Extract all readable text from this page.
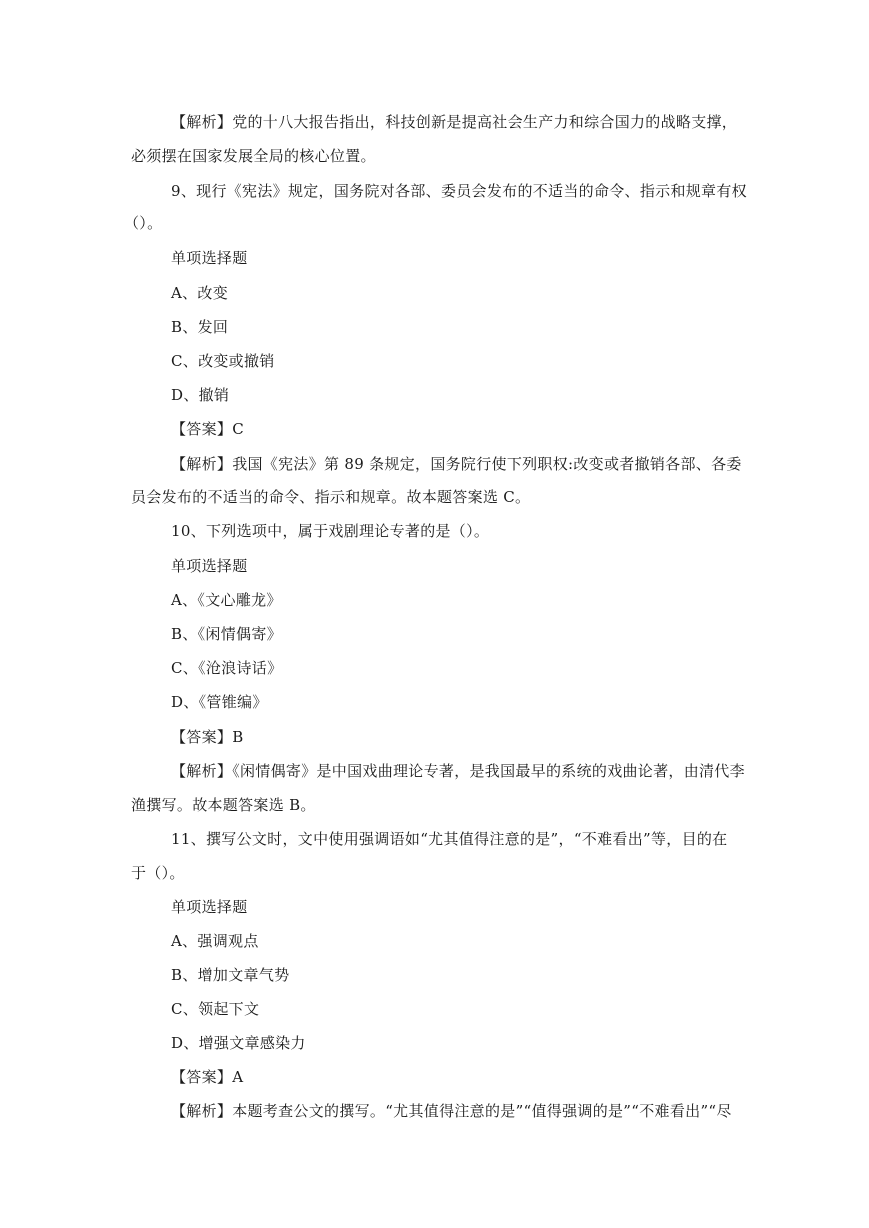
【解析】党的十八大报告指出，科技创新是提高社会生产力和综合国力的战略支撑，
必须摆在国家发展全局的核心位置。
9、现行《宪法》规定，国务院对各部、委员会发布的不适当的命令、指示和规章有权
（）。
单项选择题
A、改变
B、发回
C、改变或撤销
D、撤销
【答案】C
【解析】我国《宪法》第 89 条规定，国务院行使下列职权:改变或者撤销各部、各委
员会发布的不适当的命令、指示和规章。故本题答案选 C。
10、下列选项中，属于戏剧理论专著的是（）。
单项选择题
A、《文心雕龙》
B、《闲情偶寄》
C、《沧浪诗话》
D、《管锥编》
【答案】B
【解析】《闲情偶寄》是中国戏曲理论专著，是我国最早的系统的戏曲论著，由清代李
渔撰写。故本题答案选 B。
11、撰写公文时，文中使用强调语如“尤其值得注意的是”，“不难看出”等，目的在
于（）。
单项选择题
A、强调观点
B、增加文章气势
C、领起下文
D、增强文章感染力
【答案】A
【解析】本题考查公文的撰写。“尤其值得注意的是”“值得强调的是”“不难看出”“尽
